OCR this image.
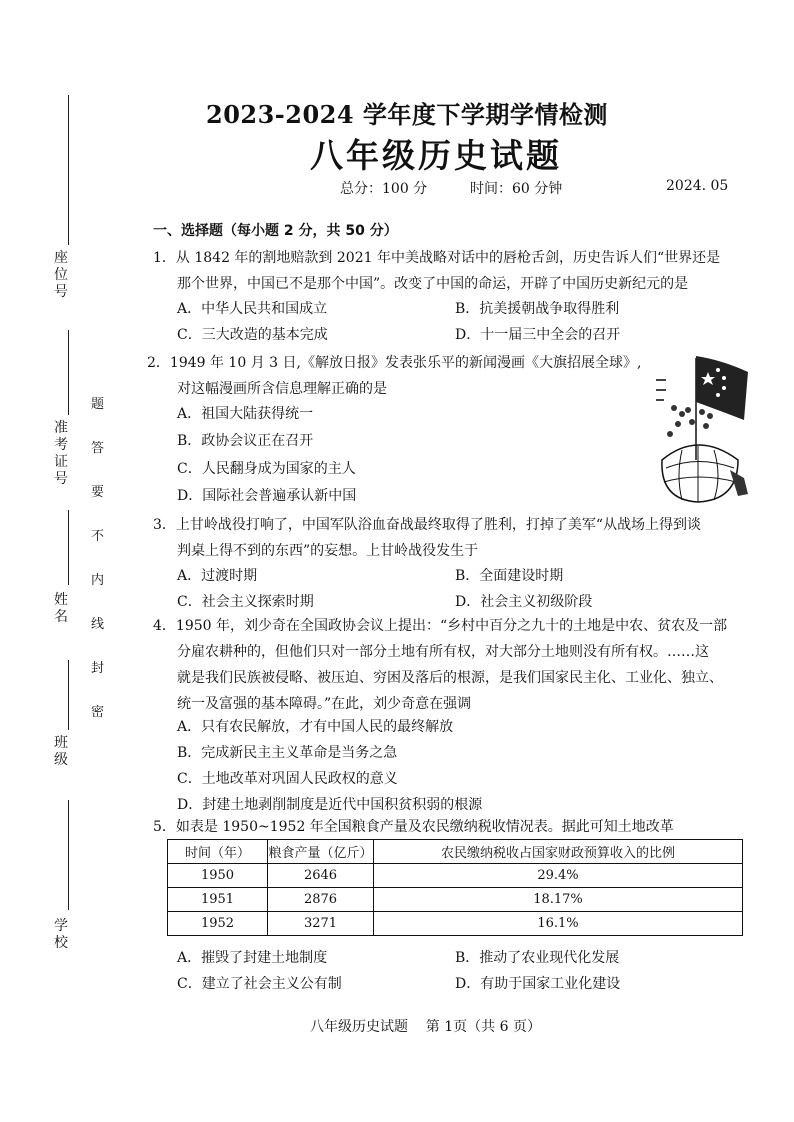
座位号
准考证号
姓名
班级
学校
题
答
要
不
内
线
封
密
2023-2024 学年度下学期学情检测
八年级历史试题
总分：100 分	时间：60 分钟	2024. 05
一、选择题（每小题 2 分，共 50 分）
1．从 1842 年的割地赔款到 2021 年中美战略对话中的唇枪舌剑，历史告诉人们“世界还是
那个世界，中国已不是那个中国”。改变了中国的命运，开辟了中国历史新纪元的是
A．中华人民共和国成立	B．抗美援朝战争取得胜利
C．三大改造的基本完成	D．十一届三中全会的召开
2．1949 年 10 月 3 日,《解放日报》发表张乐平的新闻漫画《大旗招展全球》,
对这幅漫画所含信息理解正确的是
A．祖国大陆获得统一
B．政协会议正在召开
C．人民翻身成为国家的主人
D．国际社会普遍承认新中国
3．上甘岭战役打响了，中国军队浴血奋战最终取得了胜利，打掉了美军“从战场上得到谈
判桌上得不到的东西”的妄想。上甘岭战役发生于
A．过渡时期	B．全面建设时期
C．社会主义探索时期	D．社会主义初级阶段
4．1950 年，刘少奇在全国政协会议上提出：“乡村中百分之九十的土地是中农、贫农及一部
分雇农耕种的，但他们只对一部分土地有所有权，对大部分土地则没有所有权。……这
就是我们民族被侵略、被压迫、穷困及落后的根源，是我们国家民主化、工业化、独立、
统一及富强的基本障碍。”在此，刘少奇意在强调
A．只有农民解放，才有中国人民的最终解放
B．完成新民主主义革命是当务之急
C．土地改革对巩固人民政权的意义
D．封建土地剥削制度是近代中国积贫积弱的根源
5．如表是 1950~1952 年全国粮食产量及农民缴纳税收情况表。据此可知土地改革
时间（年）	粮食产量（亿斤）	农民缴纳税收占国家财政预算收入的比例
1950	2646	29.4%
1951	2876	18.17%
1952	3271	16.1%
A．摧毁了封建土地制度	B．推动了农业现代化发展
C．建立了社会主义公有制	D．有助于国家工业化建设
八年级历史试题    第 1页（共 6 页）
